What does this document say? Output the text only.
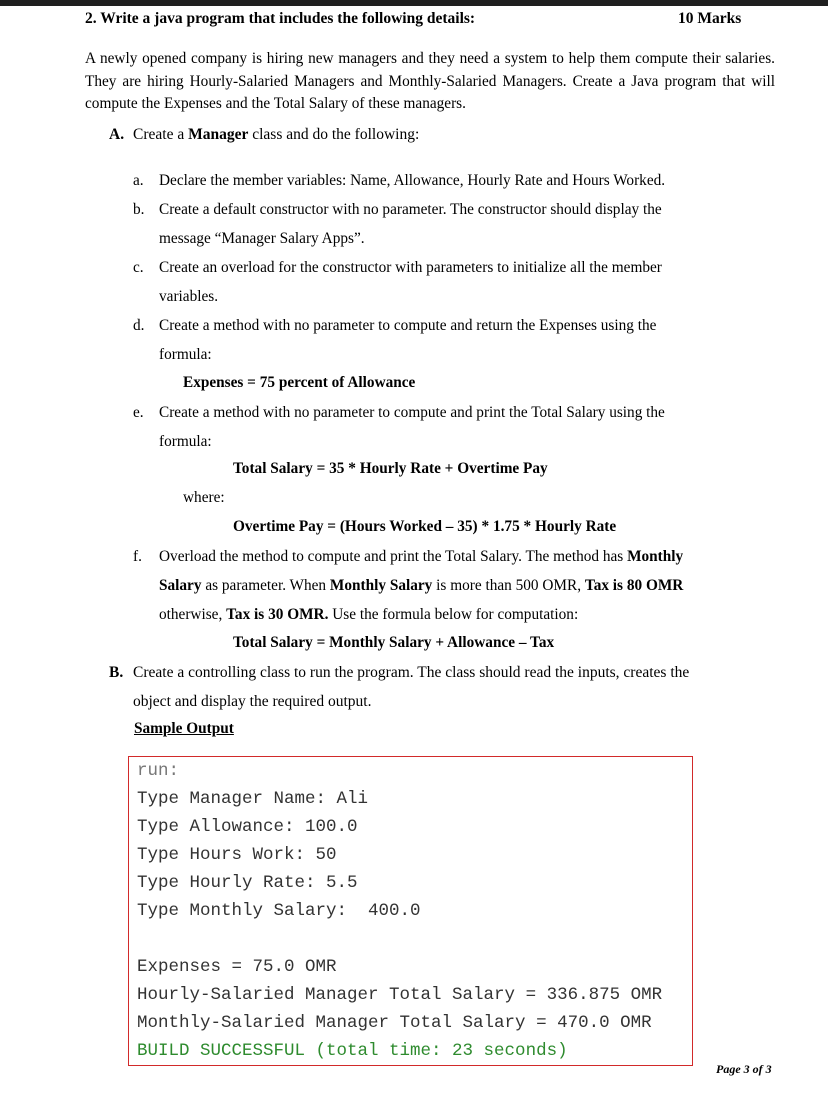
2. Write a java program that includes the following details:	10 Marks
A newly opened company is hiring new managers and they need a system to help them compute their salaries. They are hiring Hourly-Salaried Managers and Monthly-Salaried Managers. Create a Java program that will compute the Expenses and the Total Salary of these managers.
A. Create a Manager class and do the following:
a. Declare the member variables: Name, Allowance, Hourly Rate and Hours Worked.
b. Create a default constructor with no parameter. The constructor should display the
message “Manager Salary Apps”.
c. Create an overload for the constructor with parameters to initialize all the member
variables.
d. Create a method with no parameter to compute and return the Expenses using the
formula:
Expenses = 75 percent of Allowance
e. Create a method with no parameter to compute and print the Total Salary using the
formula:
Total Salary = 35 * Hourly Rate + Overtime Pay
where:
Overtime Pay = (Hours Worked – 35) * 1.75 * Hourly Rate
f. Overload the method to compute and print the Total Salary. The method has Monthly
Salary as parameter. When Monthly Salary is more than 500 OMR, Tax is 80 OMR
otherwise, Tax is 30 OMR. Use the formula below for computation:
Total Salary = Monthly Salary + Allowance – Tax
B. Create a controlling class to run the program. The class should read the inputs, creates the
object and display the required output.
Sample Output
run:
Type Manager Name: Ali
Type Allowance: 100.0
Type Hours Work: 50
Type Hourly Rate: 5.5
Type Monthly Salary:  400.0
Expenses = 75.0 OMR
Hourly-Salaried Manager Total Salary = 336.875 OMR
Monthly-Salaried Manager Total Salary = 470.0 OMR
BUILD SUCCESSFUL (total time: 23 seconds)
Page 3 of 3
